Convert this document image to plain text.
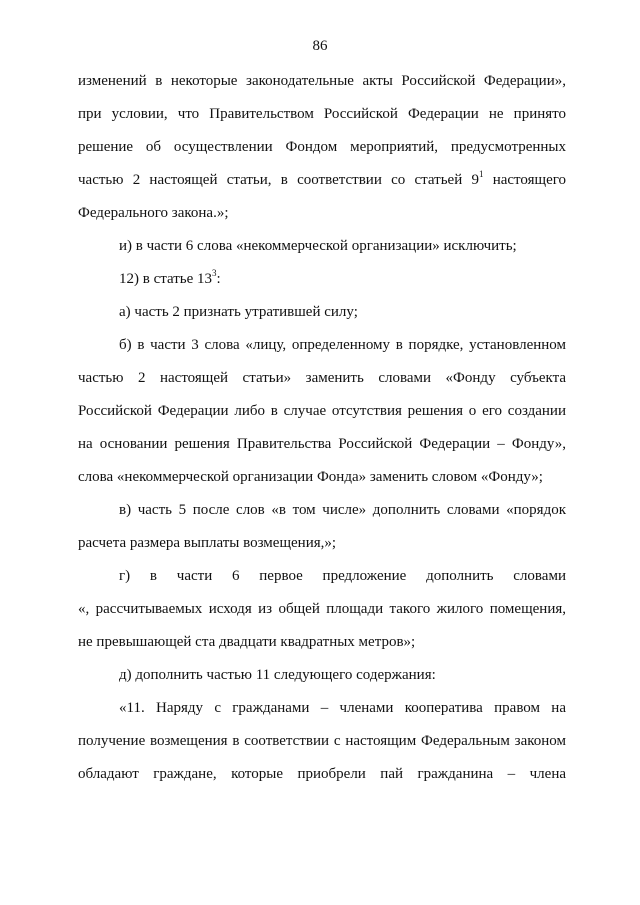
86
изменений в некоторые законодательные акты Российской Федерации»,
при условии, что Правительством Российской Федерации не принято
решение об осуществлении Фондом мероприятий, предусмотренных
частью 2 настоящей статьи, в соответствии со статьей $9^1$ настоящего
Федерального закона.»;
и) в части 6 слова «некоммерческой организации» исключить;
12) в статье $13^3$:
а) часть 2 признать утратившей силу;
б) в части 3 слова «лицу, определенному в порядке, установленном
частью 2 настоящей статьи» заменить словами «Фонду субъекта
Российской Федерации либо в случае отсутствия решения о его создании
на основании решения Правительства Российской Федерации – Фонду»,
слова «некоммерческой организации Фонда» заменить словом «Фонду»;
в) часть 5 после слов «в том числе» дополнить словами «порядок
расчета размера выплаты возмещения,»;
г) в части 6 первое предложение дополнить словами
«, рассчитываемых исходя из общей площади такого жилого помещения,
не превышающей ста двадцати квадратных метров»;
д) дополнить частью 11 следующего содержания:
«11. Наряду с гражданами – членами кооператива правом на
получение возмещения в соответствии с настоящим Федеральным законом
обладают граждане, которые приобрели пай гражданина – члена
